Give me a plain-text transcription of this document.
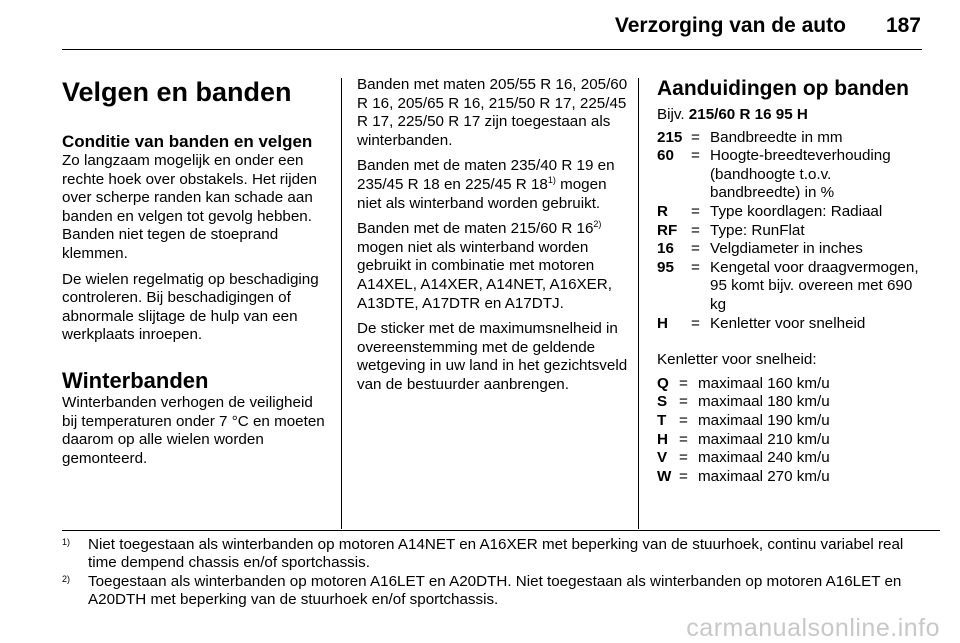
Verzorging van de auto 187
Velgen en banden
Conditie van banden en velgen

Zo langzaam mogelijk en onder een rechte hoek over obstakels. Het rijden over scherpe randen kan schade aan banden en velgen tot gevolg hebben. Banden niet tegen de stoeprand klemmen.

De wielen regelmatig op beschadiging controleren. Bij beschadigingen of abnormale slijtage de hulp van een werkplaats inroepen.

Winterbanden

Winterbanden verhogen de veiligheid bij temperaturen onder 7 °C en moeten daarom op alle wielen worden gemonteerd.

Banden met maten 205/55 R 16, 205/60 R 16, 205/65 R 16, 215/50 R 17, 225/45 R 17, 225/50 R 17 zijn toegestaan als winterbanden.

Banden met de maten 235/40 R 19 en 235/45 R 18 en 225/45 R 18$^{1)}$ mogen niet als winterband worden gebruikt.

Banden met de maten 215/60 R 16$^{2)}$ mogen niet als winterband worden gebruikt in combinatie met motoren A14XEL, A14XER, A14NET, A16XER, A13DTE, A17DTR en A17DTJ.

De sticker met de maximumsnelheid in overeenstemming met de geldende wetgeving in uw land in het gezichtsveld van de bestuurder aanbrengen.

Aanduidingen op banden
Bijv. 215/60 R 16 95 H
215 = Bandbreedte in mm
60	= Hoogte-breedteverhouding (bandhoogte t.o.v. bandbreedte) in %
R	= Type koordlagen: Radiaal
RF = Type: RunFlat
16	= Velgdiameter in inches
95	= Kengetal voor draagvermogen, 95 komt bijv. overeen met 690 kg
H	= Kenletter voor snelheid

Kenletter voor snelheid:

Q = maximaal 160 km/u
S = maximaal 180 km/u
T = maximaal 190 km/u
H = maximaal 210 km/u
V = maximaal 240 km/u
W = maximaal 270 km/u
1)	Niet toegestaan als winterbanden op motoren A14NET en A16XER met beperking van de stuurhoek, continu variabel real time dempend chassis en/of sportchassis.
2)	Toegestaan als winterbanden op motoren A16LET en A20DTH. Niet toegestaan als winterbanden op motoren A16LET en A20DTH met beperking van de stuurhoek en/of sportchassis.
carmanualsonline.info
